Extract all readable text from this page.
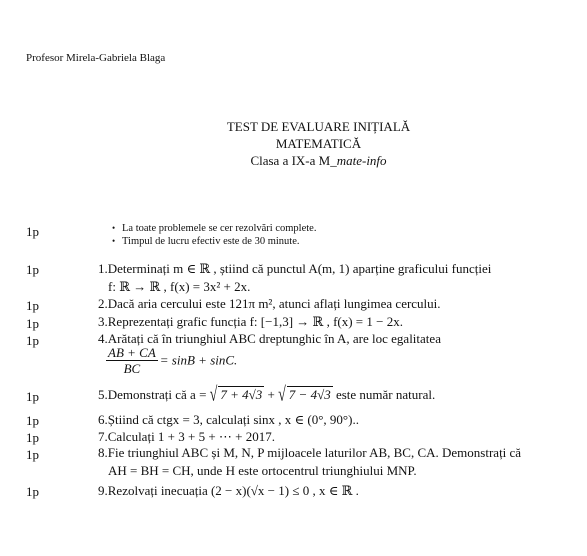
Profesor Mirela-Gabriela Blaga
TEST DE EVALUARE INIȚIALĂ
MATEMATICĂ
Clasa a IX-a M_mate-info
1p	• La toate problemele se cer rezolvări complete.
• Timpul de lucru efectiv este de 30 minute.
1p	1.Determinați m ∈ ℝ , știind că punctul A(m, 1) aparține graficului funcției
f: ℝ → ℝ , f(x) = 3x² + 2x.
1p	2.Dacă aria cercului este 121π m², atunci aflați lungimea cercului.
1p	3.Reprezentați grafic funcția f: [−1,3] → ℝ , f(x) = 1 − 2x.
1p	4.Arătați că în triunghiul ABC dreptunghic în A, are loc egalitatea
$\frac{AB + CA}{BC} = \sin B + \sin C$.
1p	5.Demonstrați că a = √ 7 + 4√3 + √ 7 − 4√3 este număr natural.
1p	6.Știind că ctgx = 3, calculați sinx , x ∈ (0°, 90°)..
1p	7.Calculați 1 + 3 + 5 + ⋯ + 2017.
1p	8.Fie triunghiul ABC și M, N, P mijloacele laturilor AB, BC, CA. Demonstrați că
AH = BH = CH, unde H este ortocentrul triunghiului MNP.
1p	9.Rezolvați inecuația (2 − x)(√x − 1) ≤ 0 , x ∈ ℝ .
